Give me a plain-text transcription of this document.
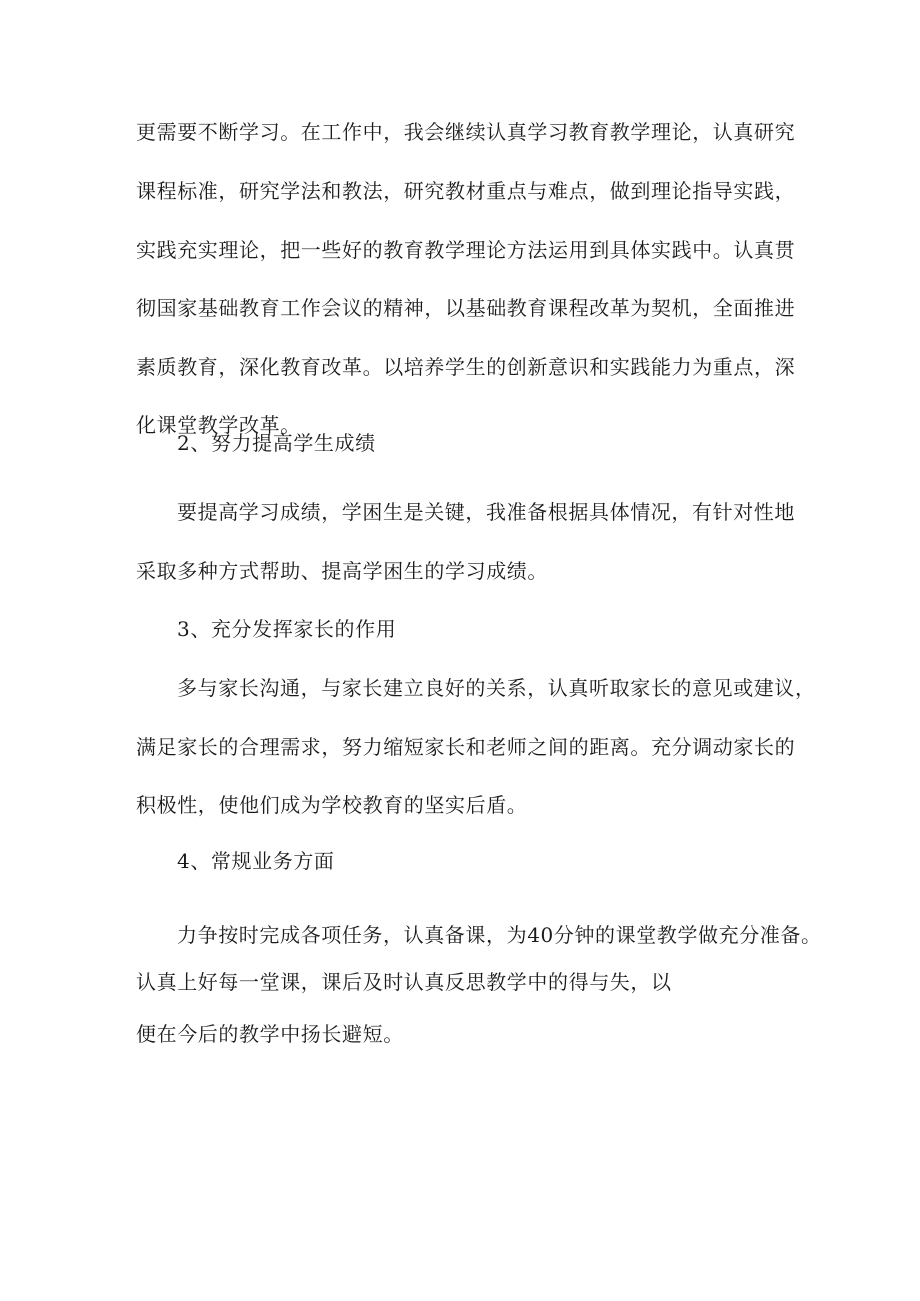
更需要不断学习。在工作中，我会继续认真学习教育教学理论，认真研究
课程标准，研究学法和教法，研究教材重点与难点，做到理论指导实践，
实践充实理论，把一些好的教育教学理论方法运用到具体实践中。认真贯
彻国家基础教育工作会议的精神，以基础教育课程改革为契机，全面推进
素质教育，深化教育改革。以培养学生的创新意识和实践能力为重点，深
化课堂教学改革。
2、努力提高学生成绩
要提高学习成绩，学困生是关键，我准备根据具体情况，有针对性地
采取多种方式帮助、提高学困生的学习成绩。
3、充分发挥家长的作用
多与家长沟通，与家长建立良好的关系，认真听取家长的意见或建议，
满足家长的合理需求，努力缩短家长和老师之间的距离。充分调动家长的
积极性，使他们成为学校教育的坚实后盾。
4、常规业务方面
力争按时完成各项任务，认真备课，为40分钟的课堂教学做充分准备。
认真上好每一堂课，课后及时认真反思教学中的得与失，以
便在今后的教学中扬长避短。
